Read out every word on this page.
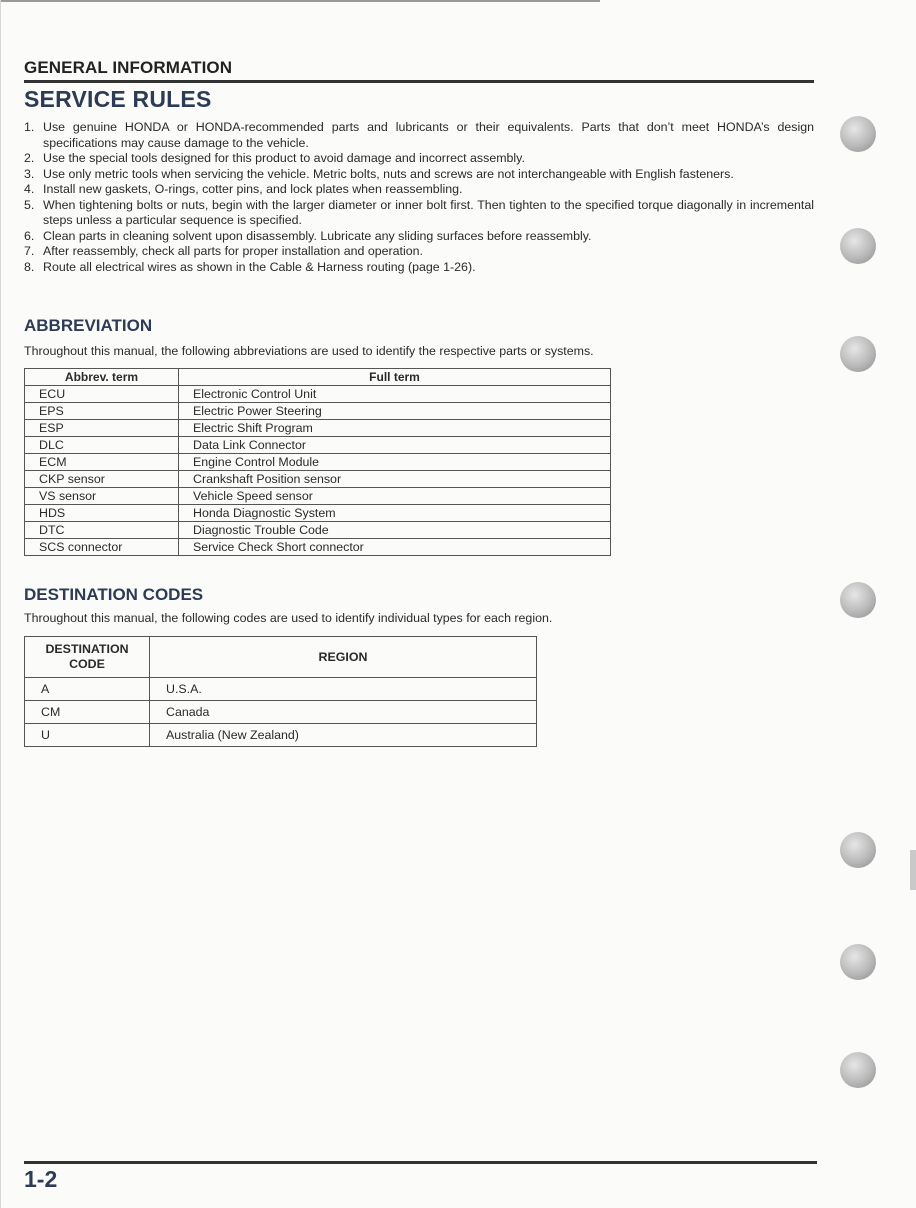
GENERAL INFORMATION
SERVICE RULES
1. Use genuine HONDA or HONDA-recommended parts and lubricants or their equivalents. Parts that don’t meet HONDA’s design specifications may cause damage to the vehicle.
2. Use the special tools designed for this product to avoid damage and incorrect assembly.
3. Use only metric tools when servicing the vehicle. Metric bolts, nuts and screws are not interchangeable with English fasteners.
4. Install new gaskets, O-rings, cotter pins, and lock plates when reassembling.
5. When tightening bolts or nuts, begin with the larger diameter or inner bolt first. Then tighten to the specified torque diagonally in incremental steps unless a particular sequence is specified.
6. Clean parts in cleaning solvent upon disassembly. Lubricate any sliding surfaces before reassembly.
7. After reassembly, check all parts for proper installation and operation.
8. Route all electrical wires as shown in the Cable & Harness routing (page 1-26).
ABBREVIATION
Throughout this manual, the following abbreviations are used to identify the respective parts or systems.
Abbrev. term	Full term
ECU	Electronic Control Unit
EPS	Electric Power Steering
ESP	Electric Shift Program
DLC	Data Link Connector
ECM	Engine Control Module
CKP sensor	Crankshaft Position sensor
VS sensor	Vehicle Speed sensor
HDS	Honda Diagnostic System
DTC	Diagnostic Trouble Code
SCS connector	Service Check Short connector
DESTINATION CODES
Throughout this manual, the following codes are used to identify individual types for each region.
DESTINATION CODE	REGION
A	U.S.A.
CM	Canada
U	Australia (New Zealand)
1-2
